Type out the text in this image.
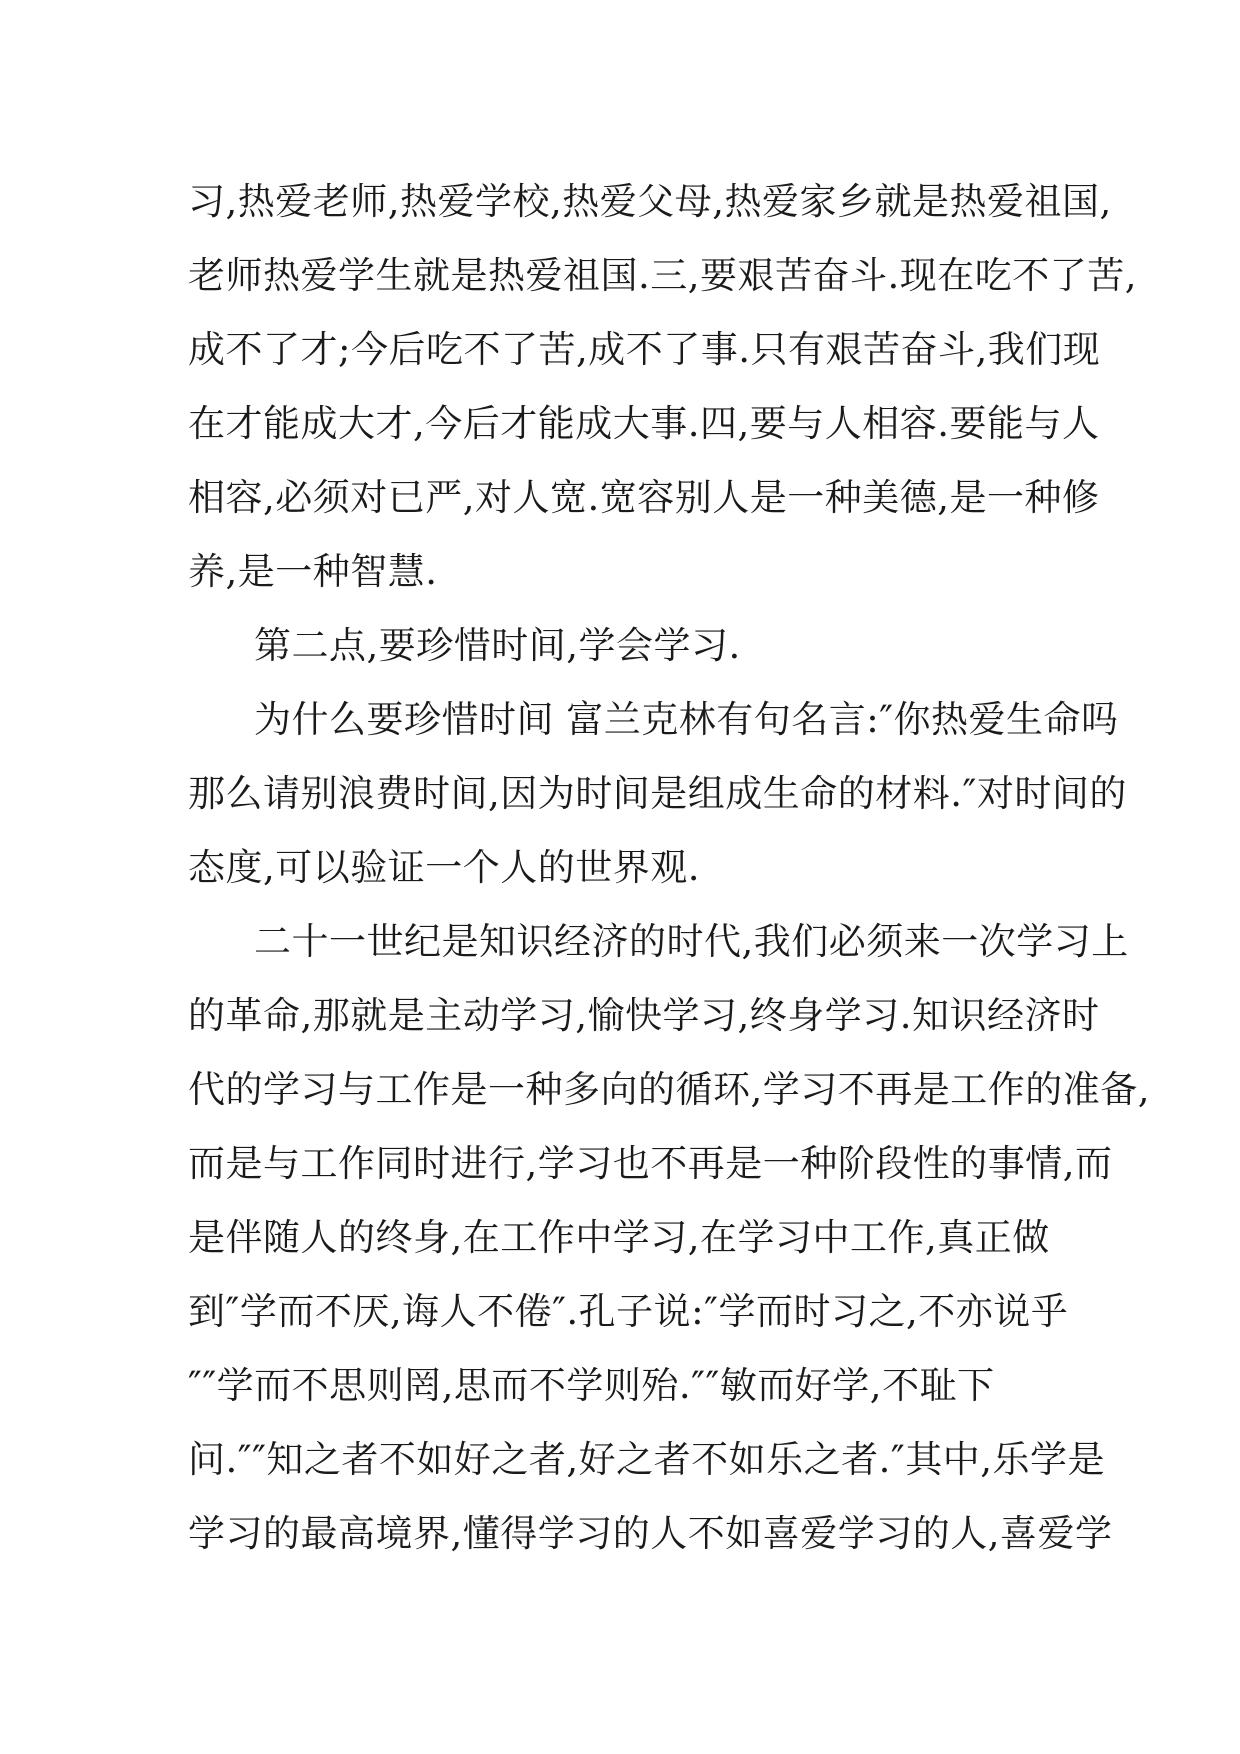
习,热爱老师,热爱学校,热爱父母,热爱家乡就是热爱祖国,
老师热爱学生就是热爱祖国.三,要艰苦奋斗.现在吃不了苦,
成不了才;今后吃不了苦,成不了事.只有艰苦奋斗,我们现
在才能成大才,今后才能成大事.四,要与人相容.要能与人
相容,必须对已严,对人宽.宽容别人是一种美德,是一种修
养,是一种智慧.
第二点,要珍惜时间,学会学习.
为什么要珍惜时间 富兰克林有句名言:″你热爱生命吗
那么请别浪费时间,因为时间是组成生命的材料.″对时间的
态度,可以验证一个人的世界观.
二十一世纪是知识经济的时代,我们必须来一次学习上
的革命,那就是主动学习,愉快学习,终身学习.知识经济时
代的学习与工作是一种多向的循环,学习不再是工作的准备,
而是与工作同时进行,学习也不再是一种阶段性的事情,而
是伴随人的终身,在工作中学习,在学习中工作,真正做
到″学而不厌,诲人不倦″.孔子说:″学而时习之,不亦说乎
″″学而不思则罔,思而不学则殆.″″敏而好学,不耻下
问.″″知之者不如好之者,好之者不如乐之者.″其中,乐学是
学习的最高境界,懂得学习的人不如喜爱学习的人,喜爱学
